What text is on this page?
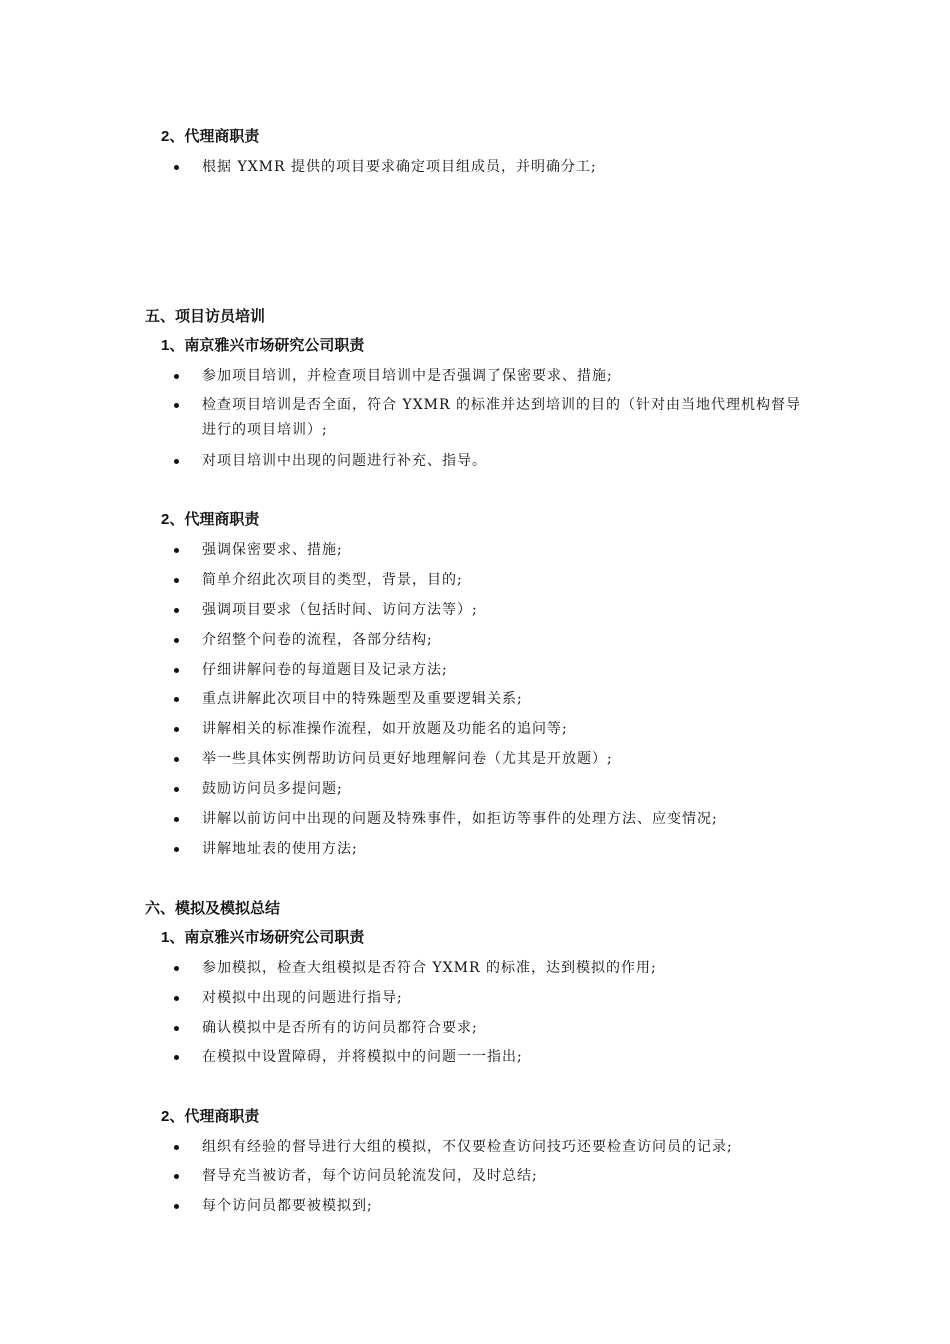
2、代理商职责
根据 YXMR 提供的项目要求确定项目组成员，并明确分工;
五、项目访员培训
1、南京雅兴市场研究公司职责
参加项目培训，并检查项目培训中是否强调了保密要求、措施;
检查项目培训是否全面，符合 YXMR 的标准并达到培训的目的（针对由当地代理机构督导进行的项目培训）;
对项目培训中出现的问题进行补充、指导。
2、代理商职责
强调保密要求、措施;
简单介绍此次项目的类型，背景，目的;
强调项目要求（包括时间、访问方法等）;
介绍整个问卷的流程，各部分结构;
仔细讲解问卷的每道题目及记录方法;
重点讲解此次项目中的特殊题型及重要逻辑关系;
讲解相关的标准操作流程，如开放题及功能名的追问等;
举一些具体实例帮助访问员更好地理解问卷（尤其是开放题）;
鼓励访问员多提问题;
讲解以前访问中出现的问题及特殊事件，如拒访等事件的处理方法、应变情况;
讲解地址表的使用方法;
六、模拟及模拟总结
1、南京雅兴市场研究公司职责
参加模拟，检查大组模拟是否符合 YXMR 的标准，达到模拟的作用;
对模拟中出现的问题进行指导;
确认模拟中是否所有的访问员都符合要求;
在模拟中设置障碍，并将模拟中的问题一一指出;
2、代理商职责
组织有经验的督导进行大组的模拟，不仅要检查访问技巧还要检查访问员的记录;
督导充当被访者，每个访问员轮流发问，及时总结;
每个访问员都要被模拟到;
